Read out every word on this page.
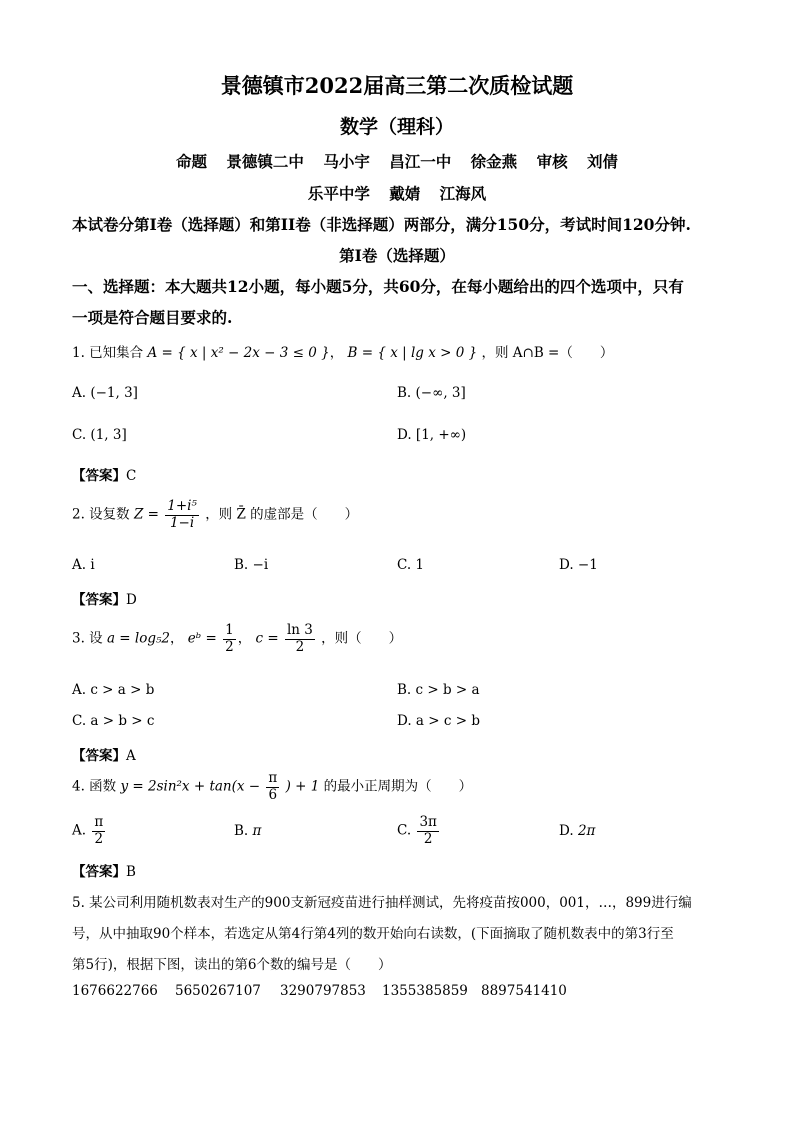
景德镇市2022届高三第二次质检试题
数学（理科）
命题 景德镇二中 马小宇 昌江一中 徐金燕 审核 刘倩
乐平中学 戴婧 江海风
本试卷分第I卷（选择题）和第II卷（非选择题）两部分，满分150分，考试时间120分钟.
第I卷（选择题）
一、选择题：本大题共12小题，每小题5分，共60分，在每小题给出的四个选项中，只有
一项是符合题目要求的.
1. 已知集合 A = { x | x² − 2x − 3 ≤ 0 }， B = { x | lg x > 0 } ，则 A∩B =（　　）
A. (−1, 3]	B. (−∞, 3]
C. (1, 3]	D. [1, +∞)
【答案】C
2. 设复数 $Z = \frac{\text{1+i⁵}}{1-i}$ ，则 Z̄ 的虚部是（　　）
A. i	B. −i	C. 1	D. −1
【答案】D
3. 设 a = log₅2， eᵇ = $\frac{1}{2}$ ， $c = \frac{\ln 3}{2}$ ，则（　　）
A. c > a > b	B. c > b > a
C. a > b > c	D. a > c > b
【答案】A
4. 函数 $y = 2\sin^2x + \tan(x - \frac{\pi}{6}$ ) + 1 的最小正周期为（　　）
A. $\frac{\pi}{2}$	B. π	C. $\frac{3\pi}{2}$	D. 2π
【答案】B
5. 某公司利用随机数表对生产的900支新冠疫苗进行抽样测试，先将疫苗按000，001，…，899进行编
号，从中抽取90个样本，若选定从第4行第4列的数开始向右读数，(下面摘取了随机数表中的第3行至
第5行)，根据下图，读出的第6个数的编号是（　　）
1676622766 5650267107 3290797853 1355385859 8897541410
